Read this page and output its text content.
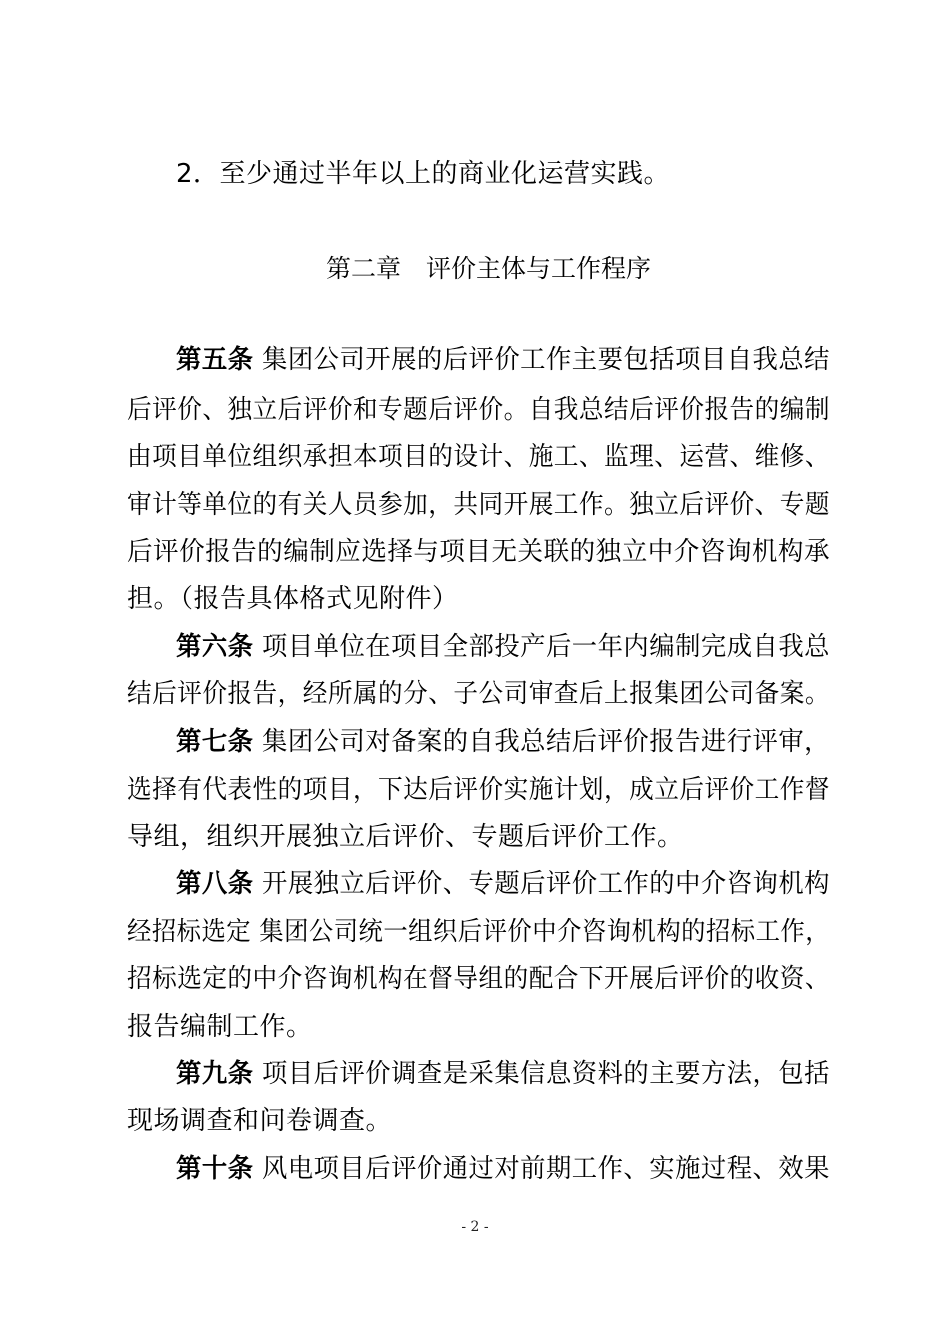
2．至少通过半年以上的商业化运营实践。
第二章　评价主体与工作程序
第五条 集团公司开展的后评价工作主要包括项目自我总结
后评价、独立后评价和专题后评价。自我总结后评价报告的编制
由项目单位组织承担本项目的设计、施工、监理、运营、维修、
审计等单位的有关人员参加，共同开展工作。独立后评价、专题
后评价报告的编制应选择与项目无关联的独立中介咨询机构承
担。（报告具体格式见附件）
第六条 项目单位在项目全部投产后一年内编制完成自我总
结后评价报告，经所属的分、子公司审查后上报集团公司备案。
第七条 集团公司对备案的自我总结后评价报告进行评审，
选择有代表性的项目，下达后评价实施计划，成立后评价工作督
导组，组织开展独立后评价、专题后评价工作。
第八条 开展独立后评价、专题后评价工作的中介咨询机构
经招标选定 集团公司统一组织后评价中介咨询机构的招标工作，
招标选定的中介咨询机构在督导组的配合下开展后评价的收资、
报告编制工作。
第九条 项目后评价调查是采集信息资料的主要方法，包括
现场调查和问卷调查。
第十条 风电项目后评价通过对前期工作、实施过程、效果
- 2 -
